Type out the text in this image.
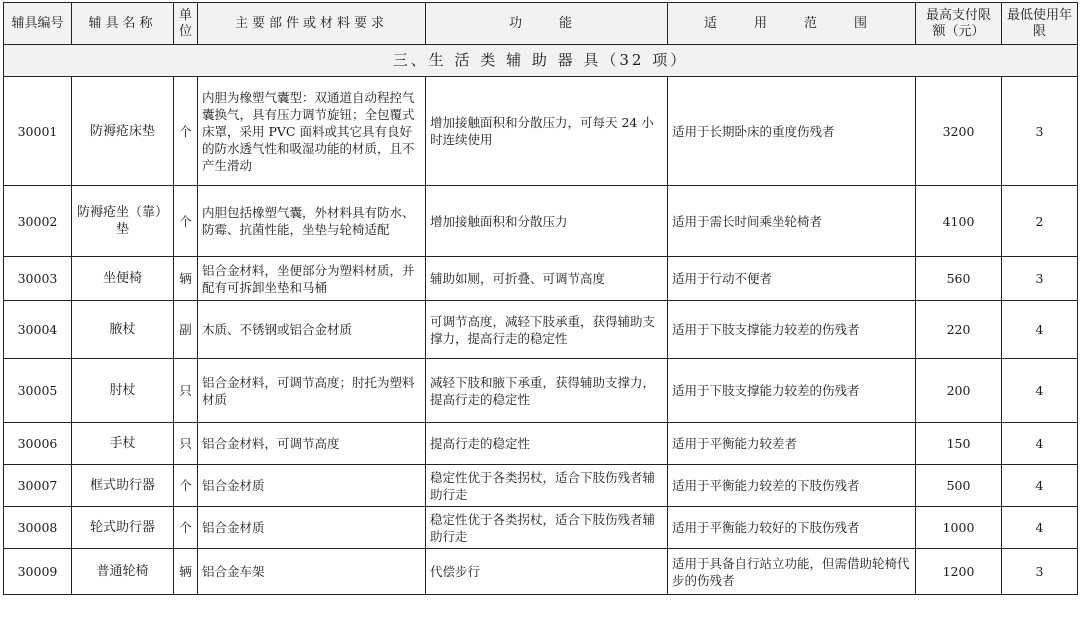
辅具编号	辅具名称	单位	主要部件或材料要求	功　能	适　用　范　围	最高支付限额（元）	最低使用年限
三、生 活 类 辅 助 器 具（32 项）							
30001	防褥疮床垫	个	内胆为橡塑气囊型：双通道自动程控气囊换气，具有压力调节旋钮；全包覆式床罩，采用 PVC 面料或其它具有良好的防水透气性和吸湿功能的材质，且不产生滑动	增加接触面积和分散压力，可每天 24 小时连续使用	适用于长期卧床的重度伤残者	3200	3
30002	防褥疮坐（靠）垫	个	内胆包括橡塑气囊，外材料具有防水、防霉、抗菌性能，坐垫与轮椅适配	增加接触面积和分散压力	适用于需长时间乘坐轮椅者	4100	2
30003	坐便椅	辆	铝合金材料，坐便部分为塑料材质，并配有可拆卸坐垫和马桶	辅助如厕，可折叠、可调节高度	适用于行动不便者	560	3
30004	腋杖	副	木质、不锈钢或铝合金材质	可调节高度，减轻下肢承重，获得辅助支撑力，提高行走的稳定性	适用于下肢支撑能力较差的伤残者	220	4
30005	肘杖	只	铝合金材料，可调节高度；肘托为塑料材质	减轻下肢和腋下承重，获得辅助支撑力，提高行走的稳定性	适用于下肢支撑能力较差的伤残者	200	4
30006	手杖	只	铝合金材料，可调节高度	提高行走的稳定性	适用于平衡能力较差者	150	4
30007	框式助行器	个	铝合金材质	稳定性优于各类拐杖，适合下肢伤残者辅助行走	适用于平衡能力较差的下肢伤残者	500	4
30008	轮式助行器	个	铝合金材质	稳定性优于各类拐杖，适合下肢伤残者辅助行走	适用于平衡能力较好的下肢伤残者	1000	4
30009	普通轮椅	辆	铝合金车架	代偿步行	适用于具备自行站立功能，但需借助轮椅代步的伤残者	1200	3
